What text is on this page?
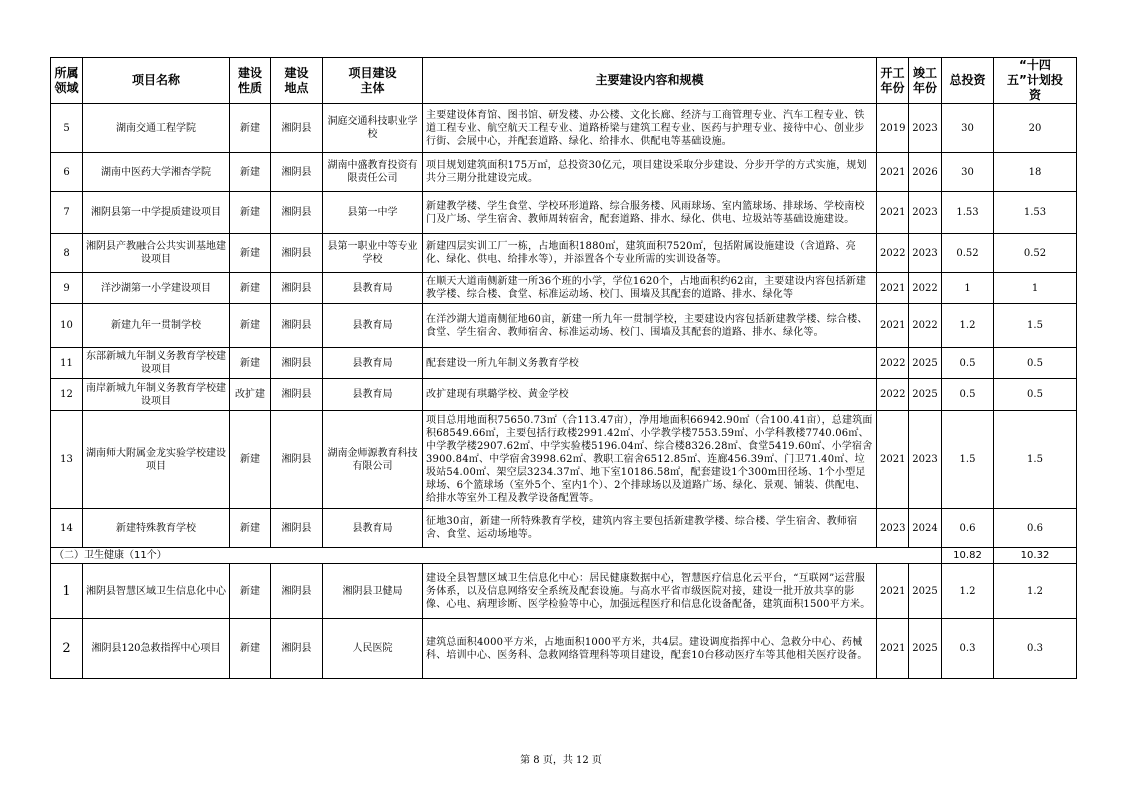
所属领域	项目名称	建设性质	建设地点	项目建设主体	主要建设内容和规模	开工年份	竣工年份	总投资	“十四五”计划投资
5	湖南交通工程学院	新建	湘阴县	洞庭交通科技职业学校	主要建设体育馆、图书馆、研发楼、办公楼、文化长廊、经济与工商管理专业、汽车工程专业、铁道工程专业、航空航天工程专业、道路桥梁与建筑工程专业、医药与护理专业、接待中心、创业步行街、会展中心，并配套道路、绿化、给排水、供配电等基础设施。	2019	2023	30	20
6	湖南中医药大学湘杏学院	新建	湘阴县	湖南中盛教育投资有限责任公司	项目规划建筑面积175万㎡，总投资30亿元，项目建设采取分步建设、分步开学的方式实施，规划共分三期分批建设完成。	2021	2026	30	18
7	湘阴县第一中学提质建设项目	新建	湘阴县	县第一中学	新建教学楼、学生食堂、学校环形道路、综合服务楼、风雨球场、室内篮球场、排球场、学校南校门及广场、学生宿舍、教师周转宿舍，配套道路、排水、绿化、供电、垃圾站等基础设施建设。	2021	2023	1.53	1.53
8	湘阴县产教融合公共实训基地建设项目	新建	湘阴县	县第一职业中等专业学校	新建四层实训工厂一栋，占地面积1880㎡，建筑面积7520㎡，包括附属设施建设（含道路、亮化、绿化、供电、给排水等），并添置各个专业所需的实训设备等。	2022	2023	0.52	0.52
9	洋沙湖第一小学建设项目	新建	湘阴县	县教育局	在顺天大道南侧新建一所36个班的小学，学位1620个，占地面积约62亩，主要建设内容包括新建教学楼、综合楼、食堂、标准运动场、校门、围墙及其配套的道路、排水、绿化等	2021	2022	1	1
10	新建九年一贯制学校	新建	湘阴县	县教育局	在洋沙湖大道南侧征地60亩，新建一所九年一贯制学校，主要建设内容包括新建教学楼、综合楼、食堂、学生宿舍、教师宿舍、标准运动场、校门、围墙及其配套的道路、排水、绿化等。	2021	2022	1.2	1.5
11	东部新城九年制义务教育学校建设项目	新建	湘阴县	县教育局	配套建设一所九年制义务教育学校	2022	2025	0.5	0.5
12	南岸新城九年制义务教育学校建设项目	改扩建	湘阴县	县教育局	改扩建现有琪璐学校、黄金学校	2022	2025	0.5	0.5
13	湖南师大附属金龙实验学校建设项目	新建	湘阴县	湖南金师源教育科技有限公司	项目总用地面积75650.73㎡（合113.47亩），净用地面积66942.90㎡（合100.41亩），总建筑面积68549.66㎡，主要包括行政楼2991.42㎡、小学教学楼7553.59㎡、小学科教楼7740.06㎡、中学教学楼2907.62㎡、中学实验楼5196.04㎡、综合楼8326.28㎡、食堂5419.60㎡、小学宿舍3900.84㎡、中学宿舍3998.62㎡、教职工宿舍6512.85㎡、连廊456.39㎡、门卫71.40㎡、垃圾站54.00㎡、架空层3234.37㎡、地下室10186.58㎡，配套建设1个300m田径场、1个小型足球场、6个篮球场（室外5个、室内1个）、2个排球场以及道路广场、绿化、景观、铺装、供配电、给排水等室外工程及教学设备配置等。	2021	2023	1.5	1.5
14	新建特殊教育学校	新建	湘阴县	县教育局	征地30亩，新建一所特殊教育学校，建筑内容主要包括新建教学楼、综合楼、学生宿舍、教师宿舍、食堂、运动场地等。	2023	2024	0.6	0.6
（二）卫生健康（11个）								10.82	10.32
1	湘阴县智慧区域卫生信息化中心	新建	湘阴县	湘阴县卫健局	建设全县智慧区域卫生信息化中心：居民健康数据中心，智慧医疗信息化云平台，“互联网”运营服务体系，以及信息网络安全系统及配套设施。与高水平省市级医院对接，建设一批开放共享的影像、心电、病理诊断、医学检验等中心，加强远程医疗和信息化设备配备，建筑面积1500平方米。	2021	2025	1.2	1.2
2	湘阴县120急救指挥中心项目	新建	湘阴县	人民医院	建筑总面积4000平方米，占地面积1000平方米，共4层。建设调度指挥中心、急救分中心、药械科、培训中心、医务科、急救网络管理科等项目建设，配套10台移动医疗车等其他相关医疗设备。	2021	2025	0.3	0.3
第 8 页，共 12 页
